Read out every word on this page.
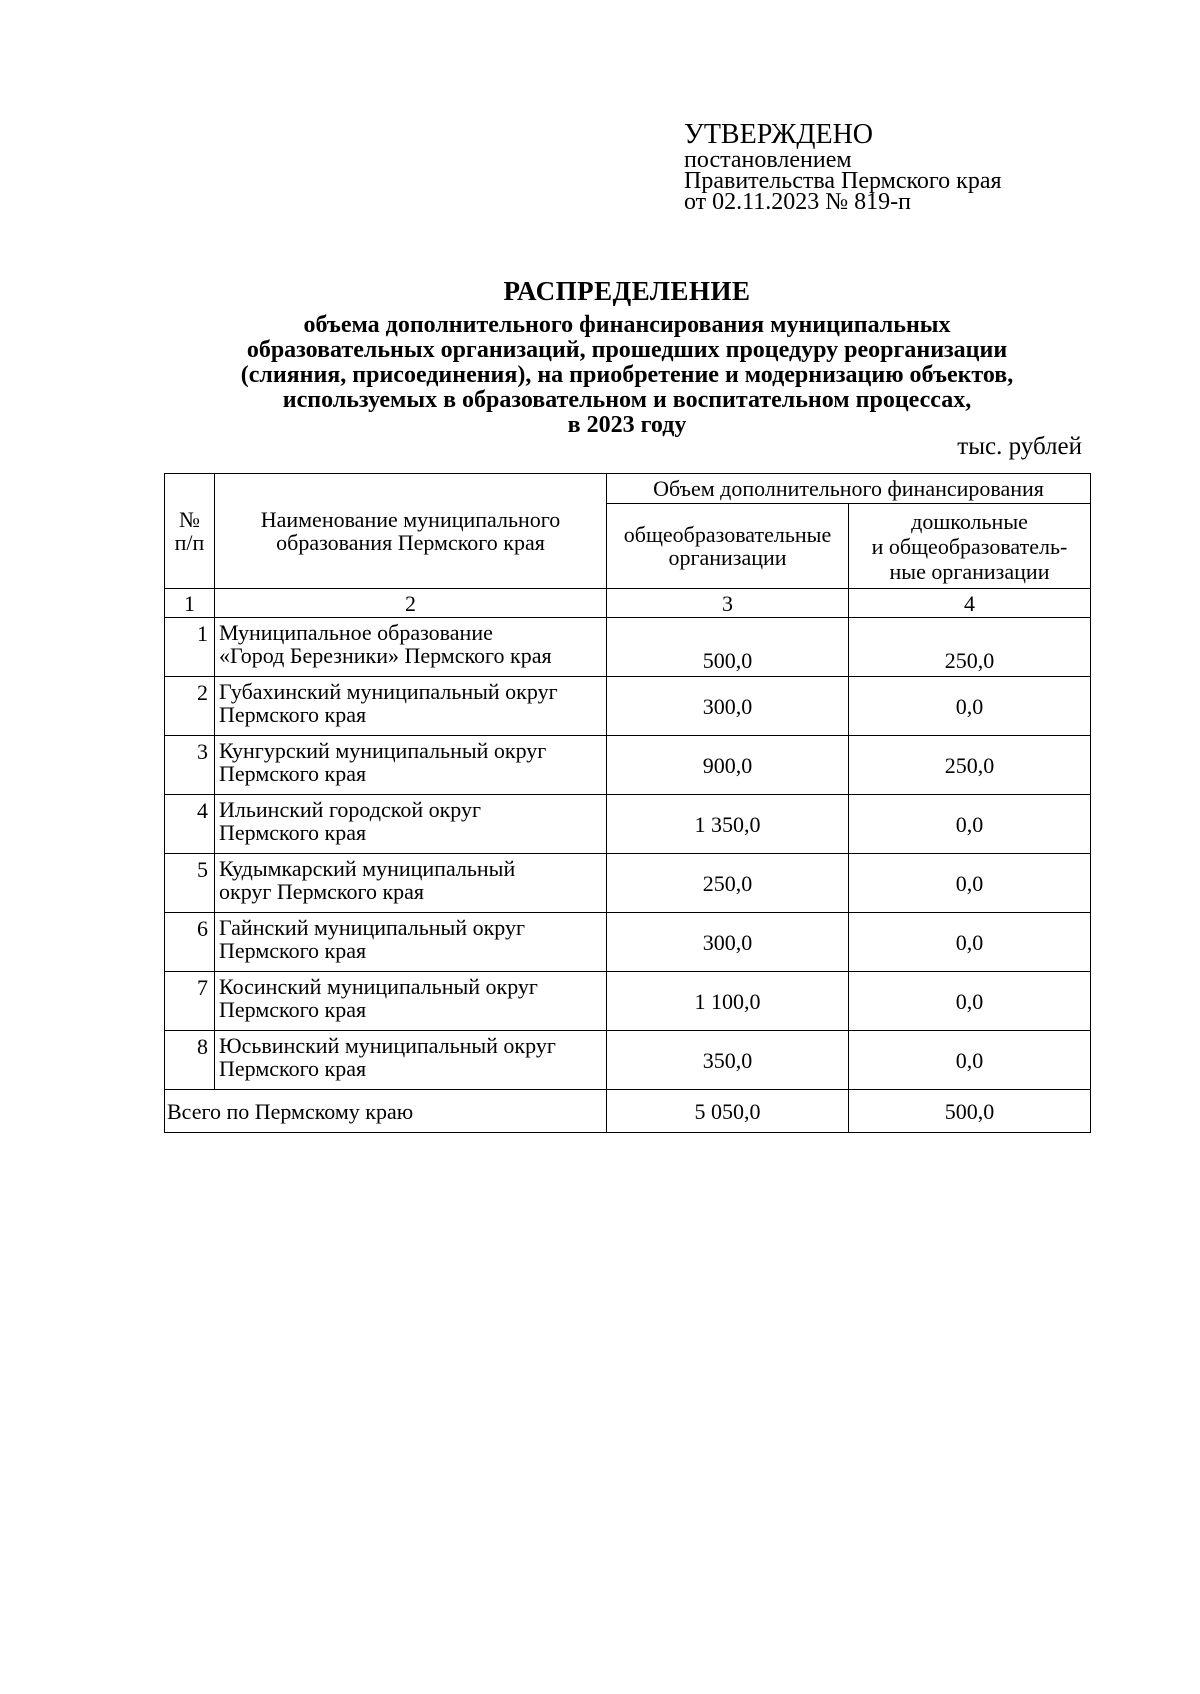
УТВЕРЖДЕНО
постановлением
Правительства Пермского края
от 02.11.2023 № 819-п
РАСПРЕДЕЛЕНИЕ
объема дополнительного финансирования муниципальных
образовательных организаций, прошедших процедуру реорганизации
(слияния, присоединения), на приобретение и модернизацию объектов,
используемых в образовательном и воспитательном процессах,
в 2023 году
тыс. рублей
№ п/п	Наименование муниципального образования Пермского края	Объем дополнительного финансирования	
		общеобразовательные организации	дошкольные
и общеобразователь-
ные организации

1	2	3	4
1	Муниципальное образование
«Город Березники» Пермского края	500,0	250,0
2	Губахинский муниципальный округ
Пермского края	300,0	0,0
3	Кунгурский муниципальный округ
Пермского края	900,0	250,0
4	Ильинский городской округ
Пермского края	1 350,0	0,0
5	Кудымкарский муниципальный
округ Пермского края	250,0	0,0
6	Гайнский муниципальный округ
Пермского края	300,0	0,0
7	Косинский муниципальный округ
Пермского края	1 100,0	0,0
8	Юсьвинский муниципальный округ
Пермского края	350,0	0,0
Всего по Пермскому краю		5 050,0	500,0
